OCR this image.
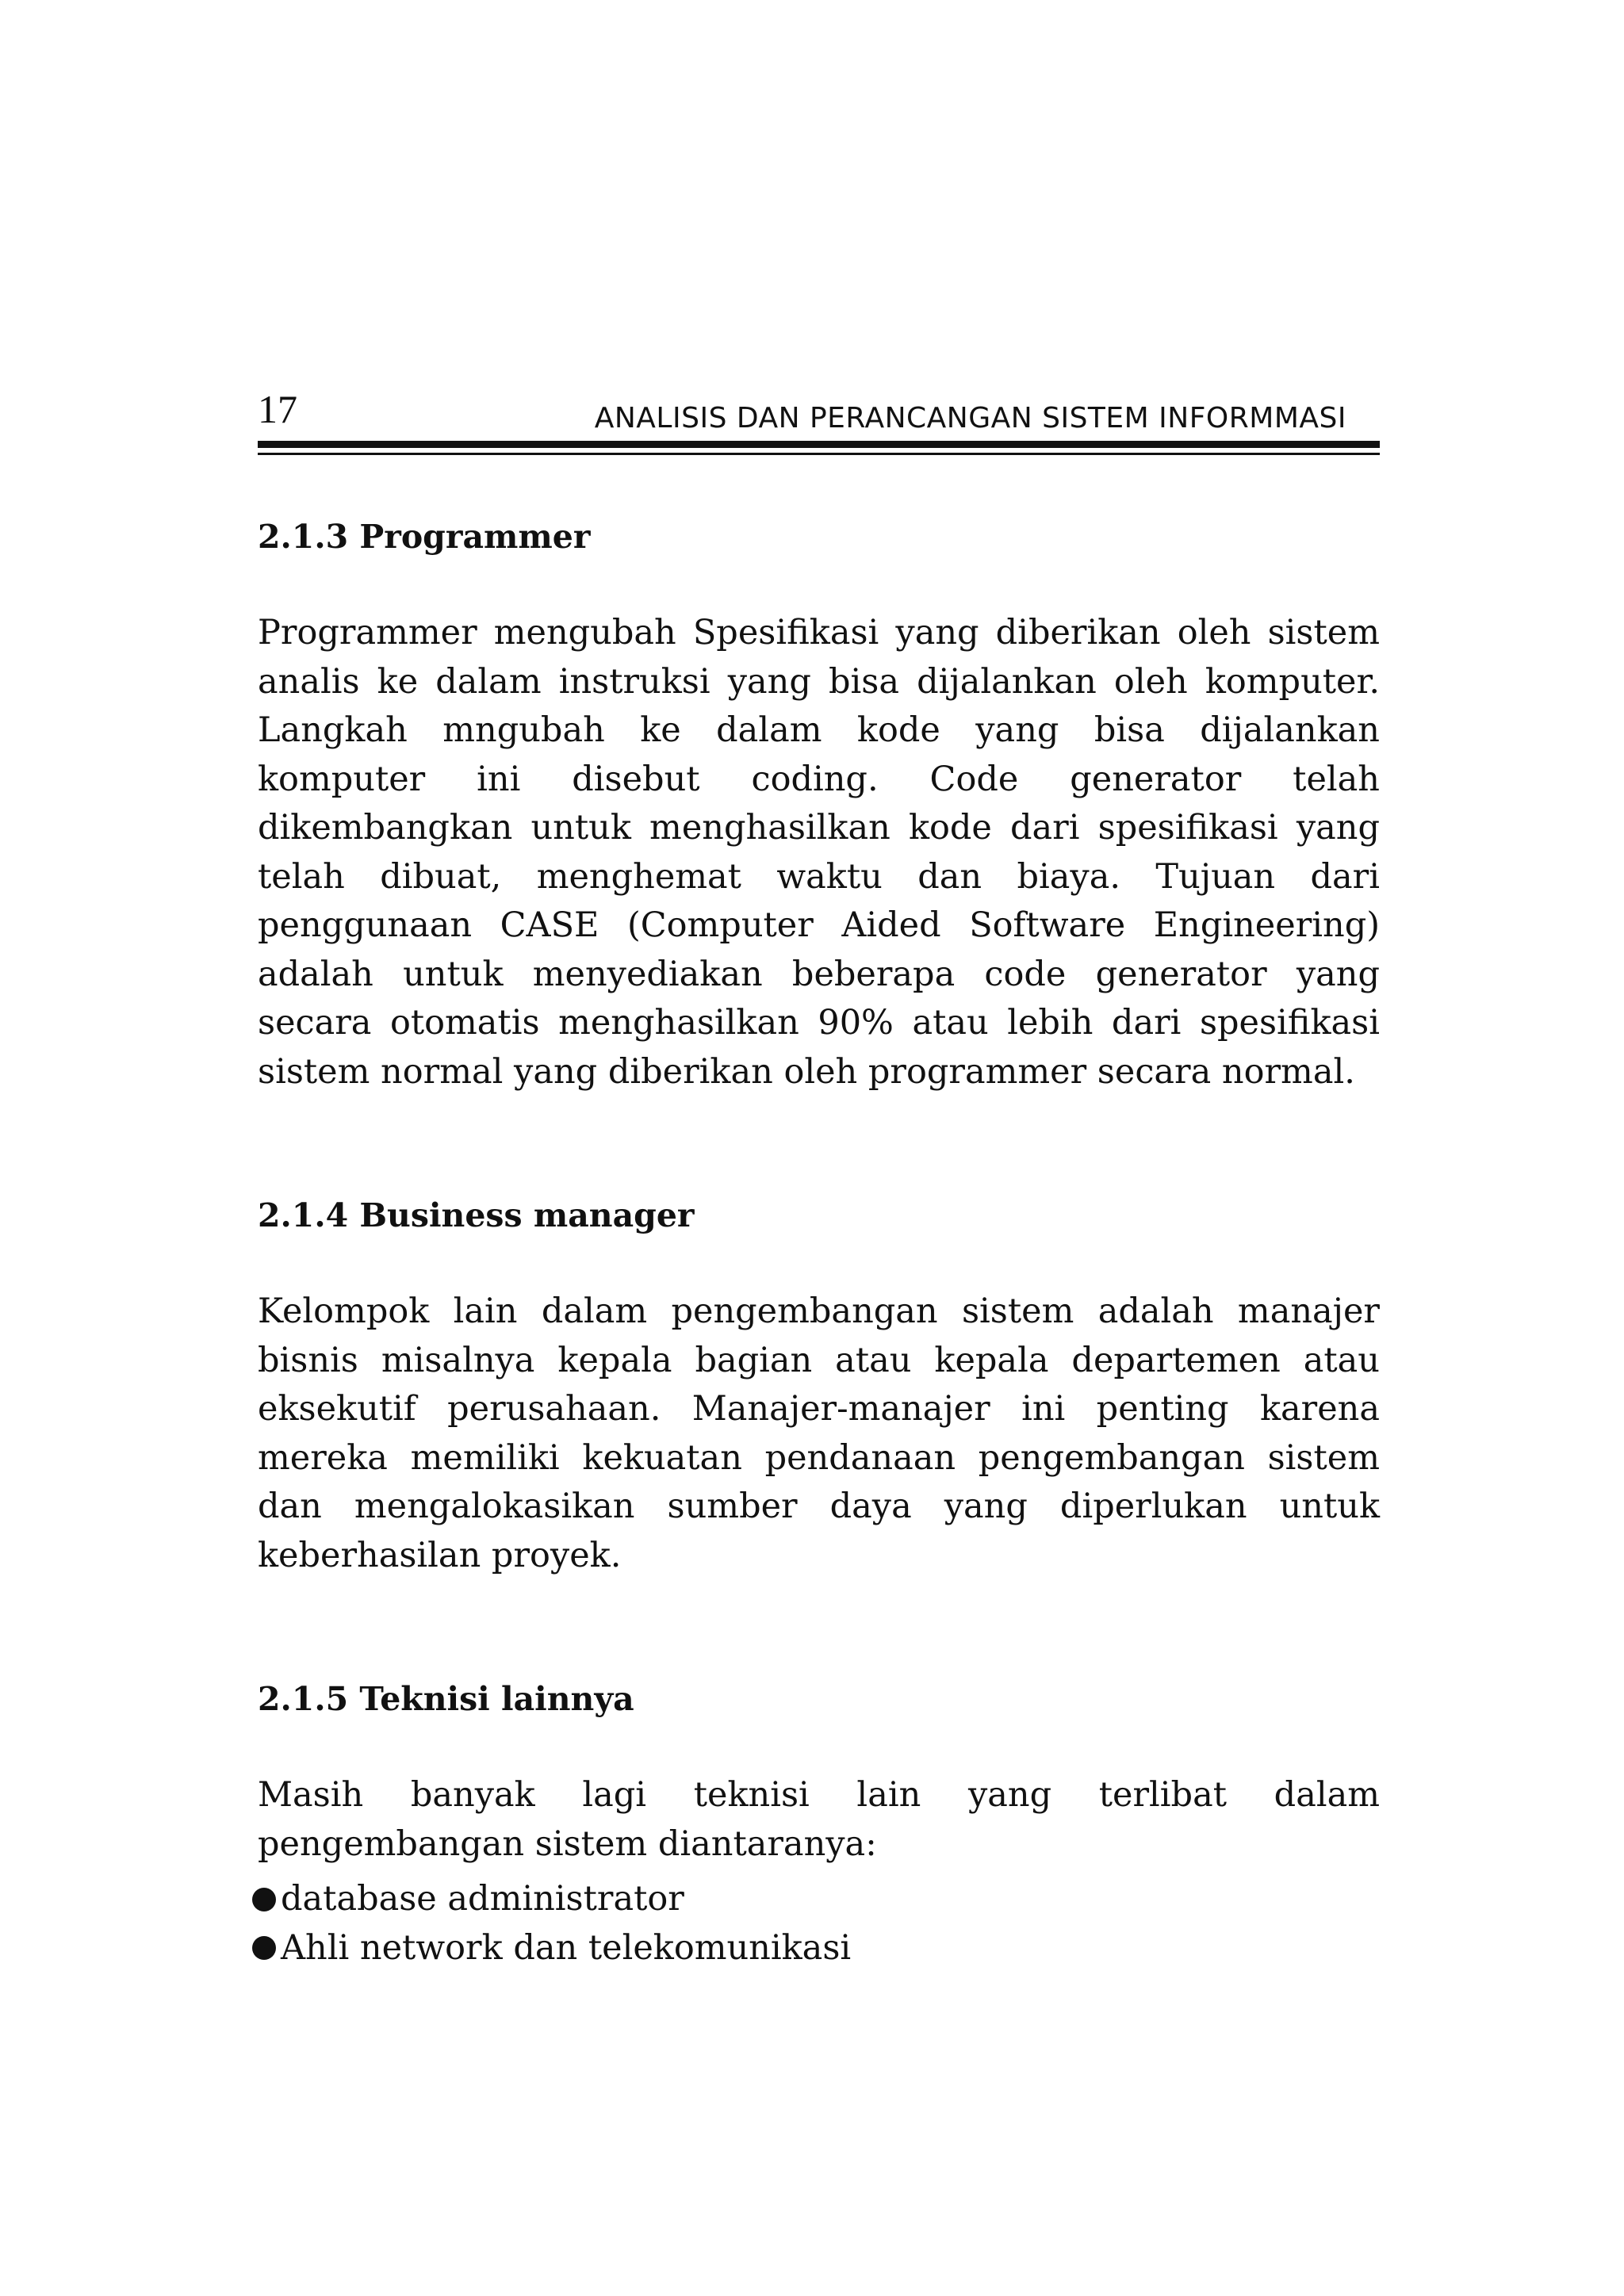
17	ANALISIS DAN PERANCANGAN SISTEM INFORMMASI
2.1.3 Programmer
Programmer mengubah Spesifikasi yang diberikan oleh sistem
analis ke dalam instruksi yang bisa dijalankan oleh komputer.
Langkah mngubah ke dalam kode yang bisa dijalankan
komputer ini disebut coding. Code generator telah
dikembangkan untuk menghasilkan kode dari spesifikasi yang
telah dibuat, menghemat waktu dan biaya. Tujuan dari
penggunaan CASE (Computer Aided Software Engineering)
adalah untuk menyediakan beberapa code generator yang
secara otomatis menghasilkan 90% atau lebih dari spesifikasi
sistem normal yang diberikan oleh programmer secara normal.
2.1.4 Business manager
Kelompok lain dalam pengembangan sistem adalah manajer
bisnis misalnya kepala bagian atau kepala departemen atau
eksekutif perusahaan. Manajer-manajer ini penting karena
mereka memiliki kekuatan pendanaan pengembangan sistem
dan mengalokasikan sumber daya yang diperlukan untuk
keberhasilan proyek.
2.1.5 Teknisi lainnya
Masih banyak lagi teknisi lain yang terlibat dalam
pengembangan sistem diantaranya:
database administrator
Ahli network dan telekomunikasi
